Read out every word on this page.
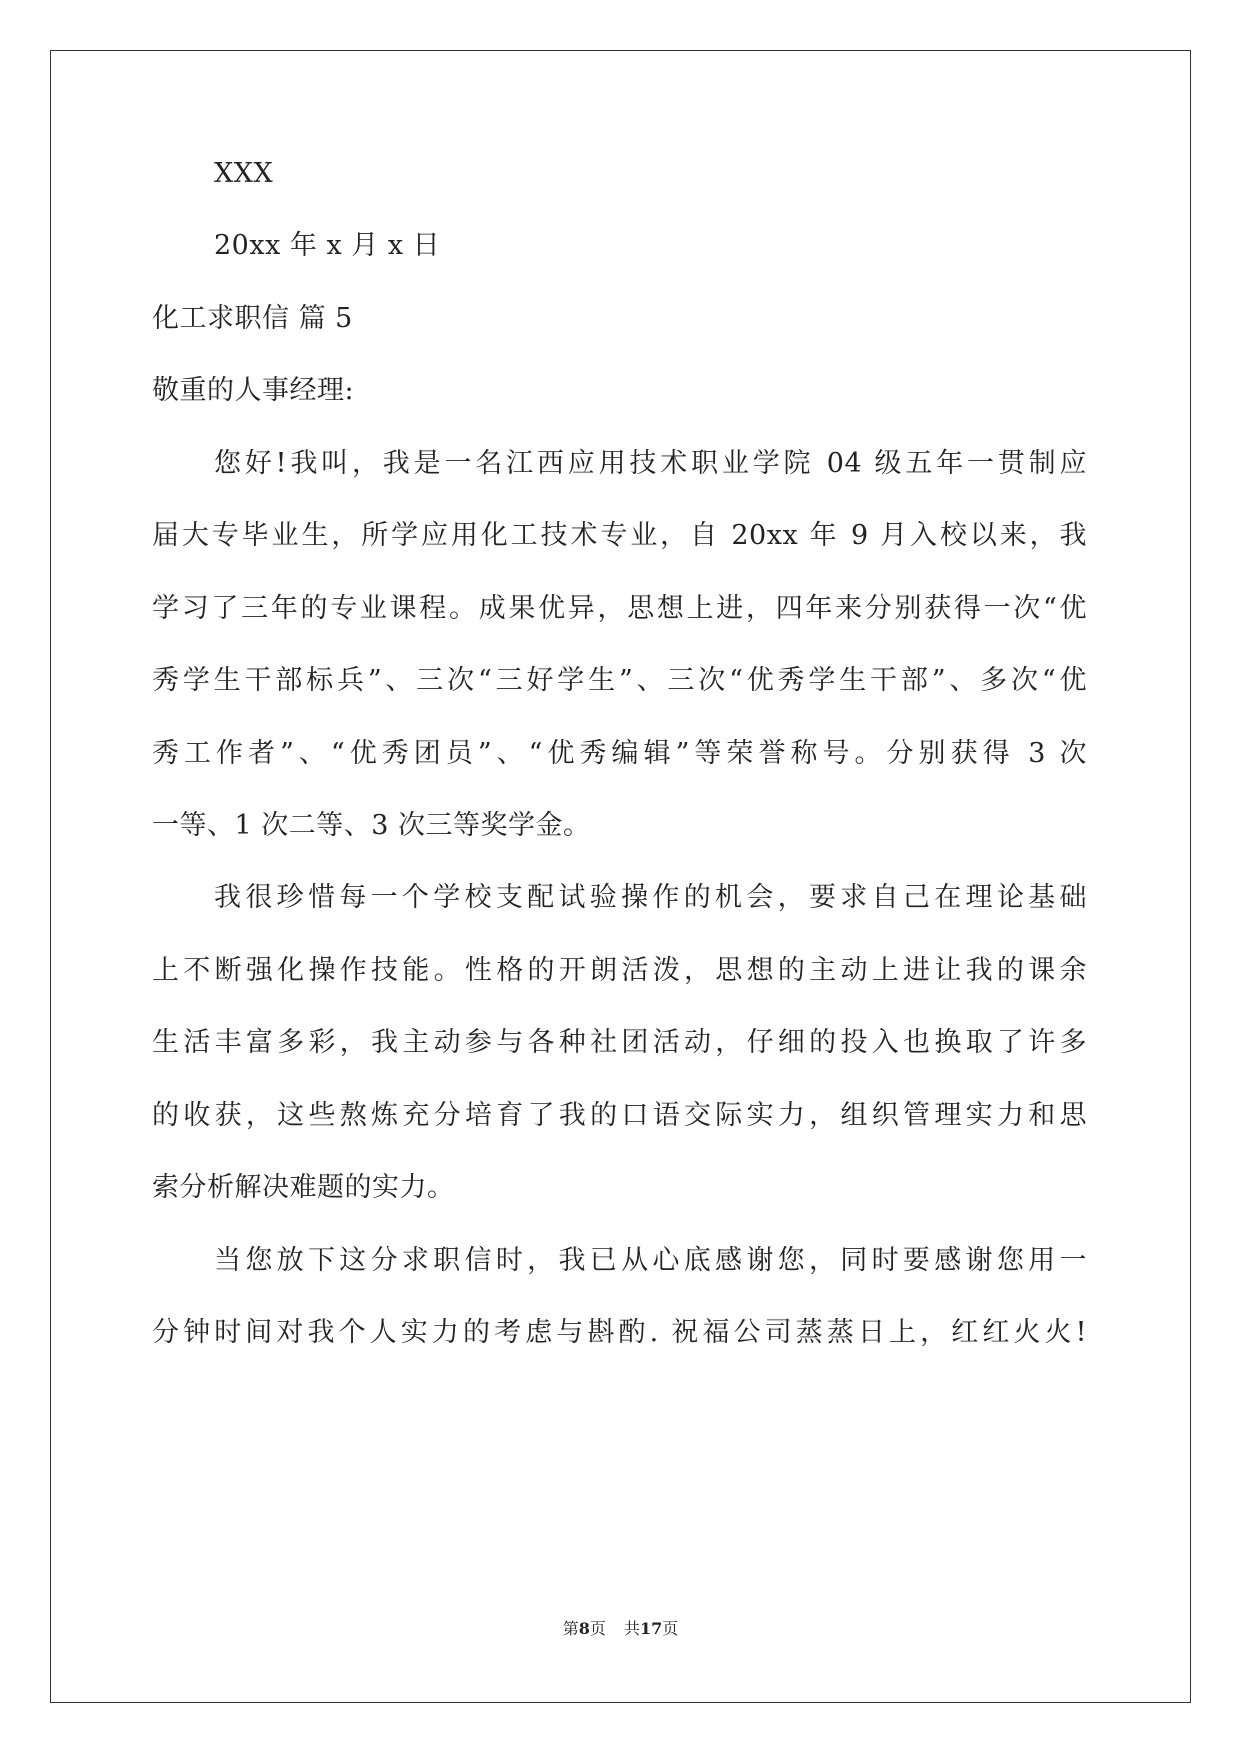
XXX
20xx 年 x 月 x 日
化工求职信 篇 5
敬重的人事经理:
您好!我叫，我是一名江西应用技术职业学院 04 级五年一贯制应
届大专毕业生，所学应用化工技术专业，自 20xx 年 9 月入校以来，我
学习了三年的专业课程。成果优异，思想上进，四年来分别获得一次“优
秀学生干部标兵”、三次“三好学生”、三次“优秀学生干部”、多次“优
秀工作者”、“优秀团员”、“优秀编辑”等荣誉称号。分别获得 3 次
一等、1 次二等、3 次三等奖学金。
我很珍惜每一个学校支配试验操作的机会，要求自己在理论基础
上不断强化操作技能。性格的开朗活泼，思想的主动上进让我的课余
生活丰富多彩，我主动参与各种社团活动，仔细的投入也换取了许多
的收获，这些熬炼充分培育了我的口语交际实力，组织管理实力和思
索分析解决难题的实力。
当您放下这分求职信时，我已从心底感谢您，同时要感谢您用一
分钟时间对我个人实力的考虑与斟酌. 祝福公司蒸蒸日上，红红火火!
第8页 共17页
